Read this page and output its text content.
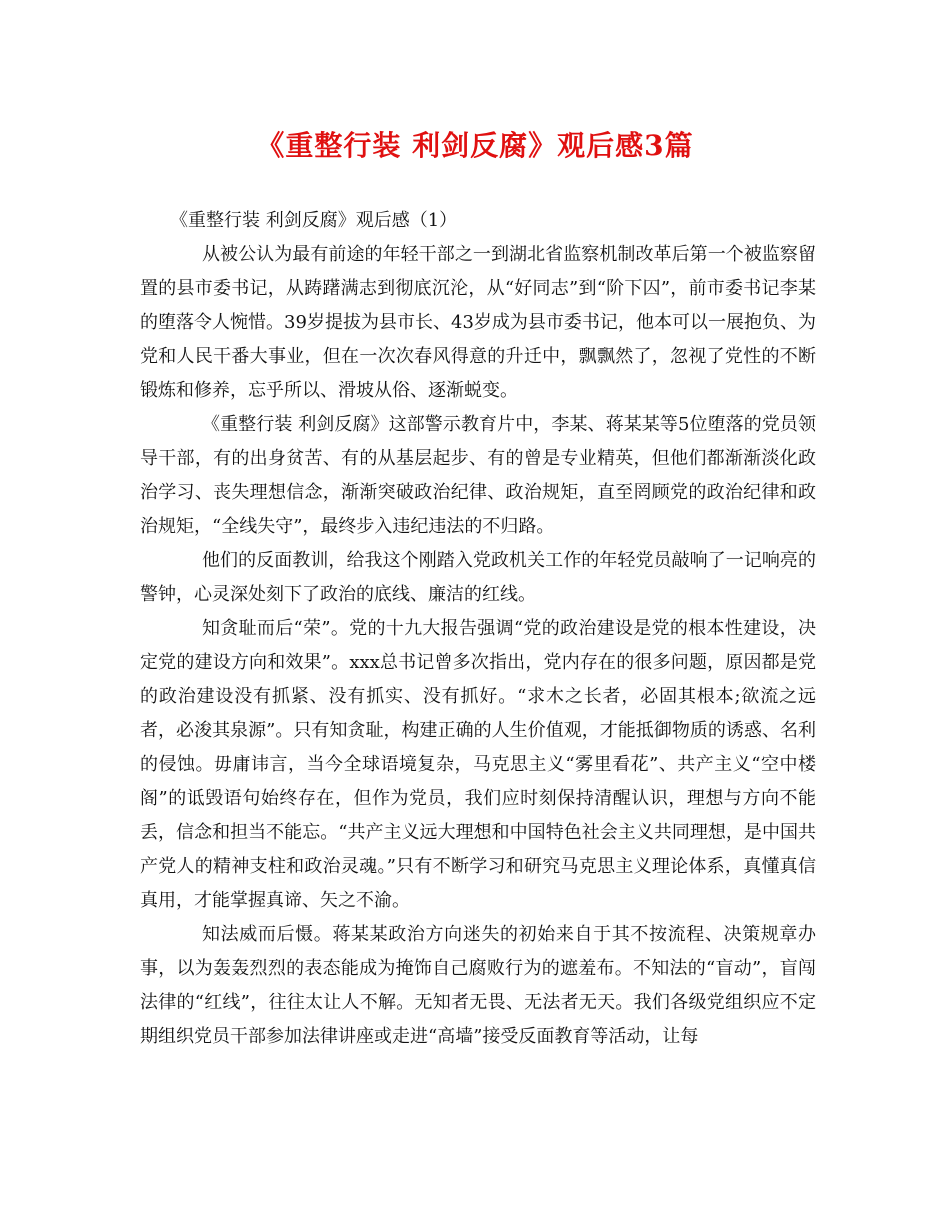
《重整行装 利剑反腐》观后感3篇

《重整行装 利剑反腐》观后感（1）

从被公认为最有前途的年轻干部之一到湖北省监察机制改革后第一个被监察留置的县市委书记，从踌躇满志到彻底沉沦，从“好同志”到“阶下囚”，前市委书记李某的堕落令人惋惜。39岁提拔为县市长、43岁成为县市委书记，他本可以一展抱负、为党和人民干番大事业，但在一次次春风得意的升迁中，飘飘然了，忽视了党性的不断锻炼和修养，忘乎所以、滑坡从俗、逐渐蜕变。

《重整行装 利剑反腐》这部警示教育片中，李某、蒋某某等5位堕落的党员领导干部，有的出身贫苦、有的从基层起步、有的曾是专业精英，但他们都渐渐淡化政治学习、丧失理想信念，渐渐突破政治纪律、政治规矩，直至罔顾党的政治纪律和政治规矩，“全线失守”，最终步入违纪违法的不归路。

他们的反面教训，给我这个刚踏入党政机关工作的年轻党员敲响了一记响亮的警钟，心灵深处刻下了政治的底线、廉洁的红线。

知贪耻而后“荣”。党的十九大报告强调“党的政治建设是党的根本性建设，决定党的建设方向和效果”。xxx总书记曾多次指出，党内存在的很多问题，原因都是党的政治建设没有抓紧、没有抓实、没有抓好。“求木之长者，必固其根本;欲流之远者，必浚其泉源”。只有知贪耻，构建正确的人生价值观，才能抵御物质的诱惑、名利的侵蚀。毋庸讳言，当今全球语境复杂，马克思主义“雾里看花”、共产主义“空中楼阁”的诋毁语句始终存在，但作为党员，我们应时刻保持清醒认识，理想与方向不能丢，信念和担当不能忘。“共产主义远大理想和中国特色社会主义共同理想，是中国共产党人的精神支柱和政治灵魂。”只有不断学习和研究马克思主义理论体系，真懂真信真用，才能掌握真谛、矢之不渝。

知法威而后慑。蒋某某政治方向迷失的初始来自于其不按流程、决策规章办事，以为轰轰烈烈的表态能成为掩饰自己腐败行为的遮羞布。不知法的“盲动”，盲闯法律的“红线”，往往太让人不解。无知者无畏、无法者无天。我们各级党组织应不定期组织党员干部参加法律讲座或走进“高墙”接受反面教育等活动，让每
